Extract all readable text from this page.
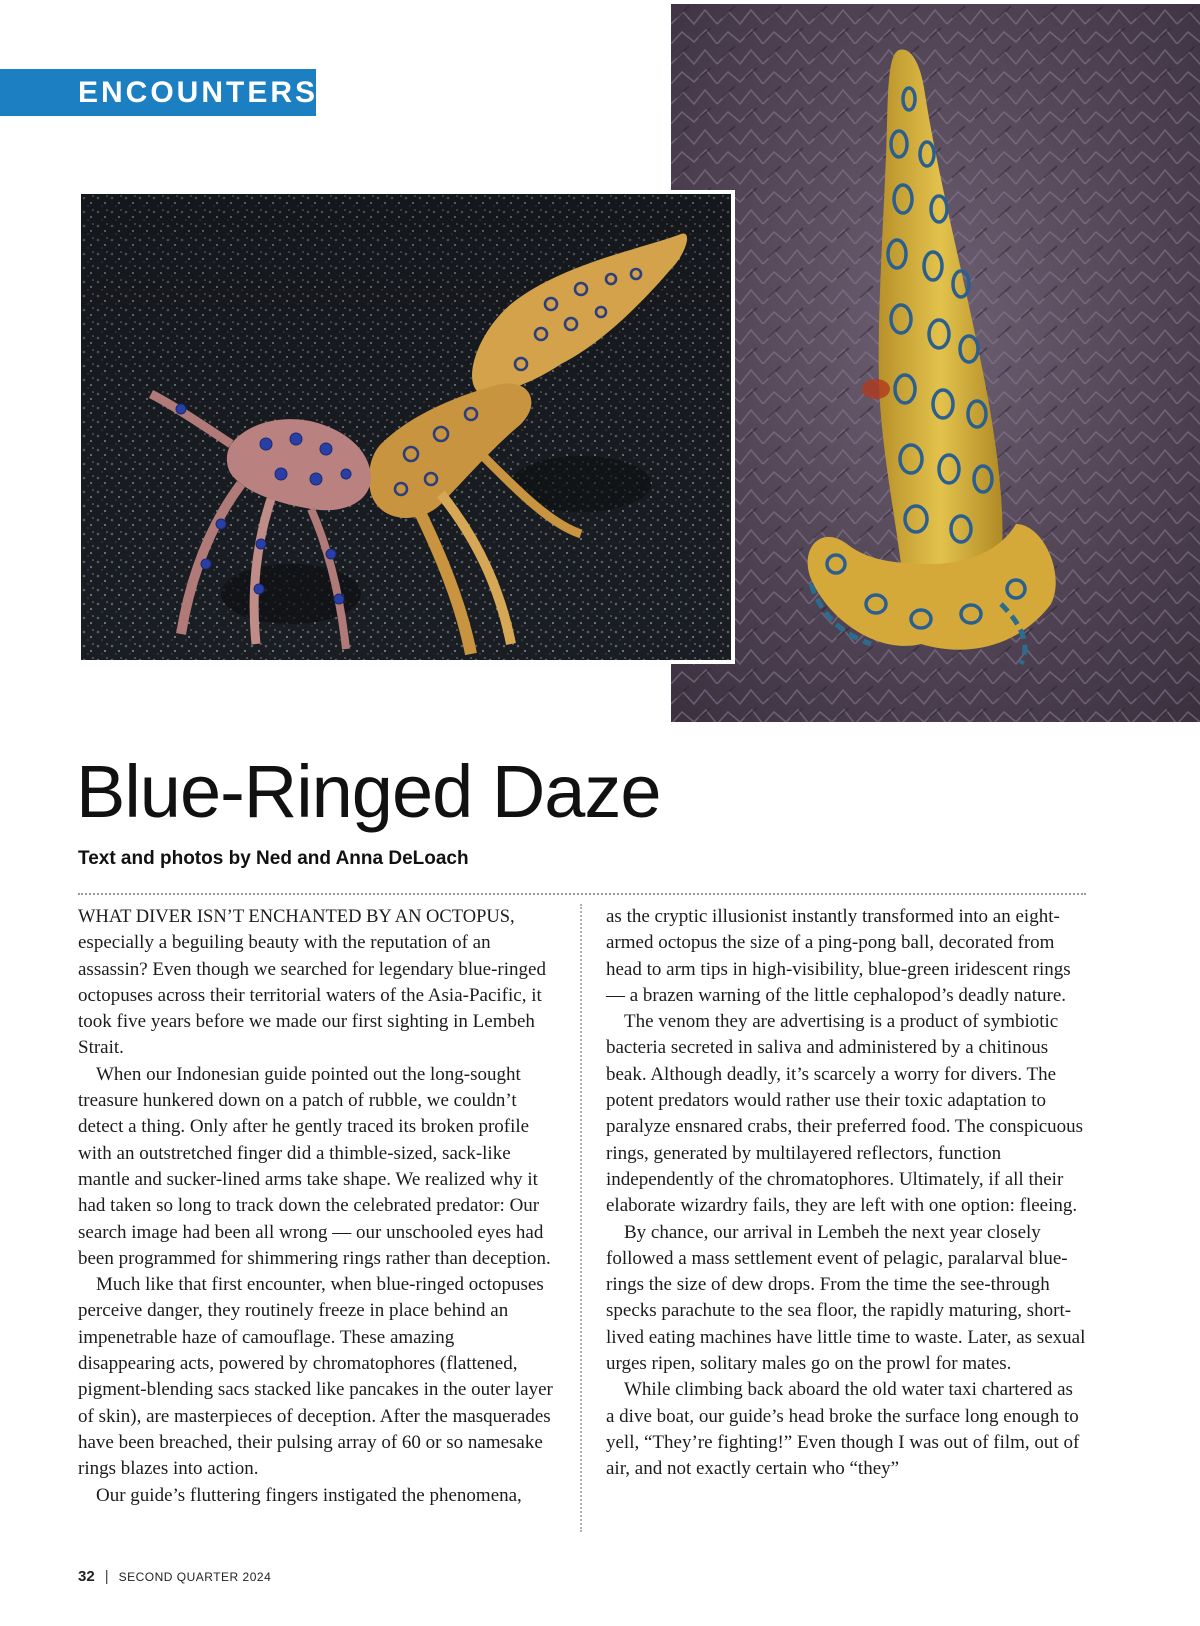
ENCOUNTERS
Blue-Ringed Daze
Text and photos by Ned and Anna DeLoach

WHAT DIVER ISN’T ENCHANTED BY AN OCTOPUS, especially a beguiling beauty with the reputation of an assassin? Even though we searched for legendary blue-ringed octopuses across their territorial waters of the Asia-Pacific, it took five years before we made our first sighting in Lembeh Strait.

When our Indonesian guide pointed out the long-sought treasure hunkered down on a patch of rubble, we couldn’t detect a thing. Only after he gently traced its broken profile with an outstretched finger did a thimble-sized, sack-like mantle and sucker-lined arms take shape. We realized why it had taken so long to track down the celebrated predator: Our search image had been all wrong — our unschooled eyes had been programmed for shimmering rings rather than deception.

Much like that first encounter, when blue-ringed octopuses perceive danger, they routinely freeze in place behind an impenetrable haze of camouflage. These amazing disappearing acts, powered by chromatophores (flattened, pigment-blending sacs stacked like pancakes in the outer layer of skin), are masterpieces of deception. After the masquerades have been breached, their pulsing array of 60 or so namesake rings blazes into action.

Our guide’s fluttering fingers instigated the phenomena,

as the cryptic illusionist instantly transformed into an eight-armed octopus the size of a ping-pong ball, decorated from head to arm tips in high-visibility, blue-green iridescent rings — a brazen warning of the little cephalopod’s deadly nature.

The venom they are advertising is a product of symbiotic bacteria secreted in saliva and administered by a chitinous beak. Although deadly, it’s scarcely a worry for divers. The potent predators would rather use their toxic adaptation to paralyze ensnared crabs, their preferred food. The conspicuous rings, generated by multilayered reflectors, function independently of the chromatophores. Ultimately, if all their elaborate wizardry fails, they are left with one option: fleeing.

By chance, our arrival in Lembeh the next year closely followed a mass settlement event of pelagic, paralarval blue-rings the size of dew drops. From the time the see-through specks parachute to the sea floor, the rapidly maturing, short-lived eating machines have little time to waste. Later, as sexual urges ripen, solitary males go on the prowl for mates.

While climbing back aboard the old water taxi chartered as a dive boat, our guide’s head broke the surface long enough to yell, “They’re fighting!” Even though I was out of film, out of air, and not exactly certain who “they”

32 | SECOND QUARTER 2024
